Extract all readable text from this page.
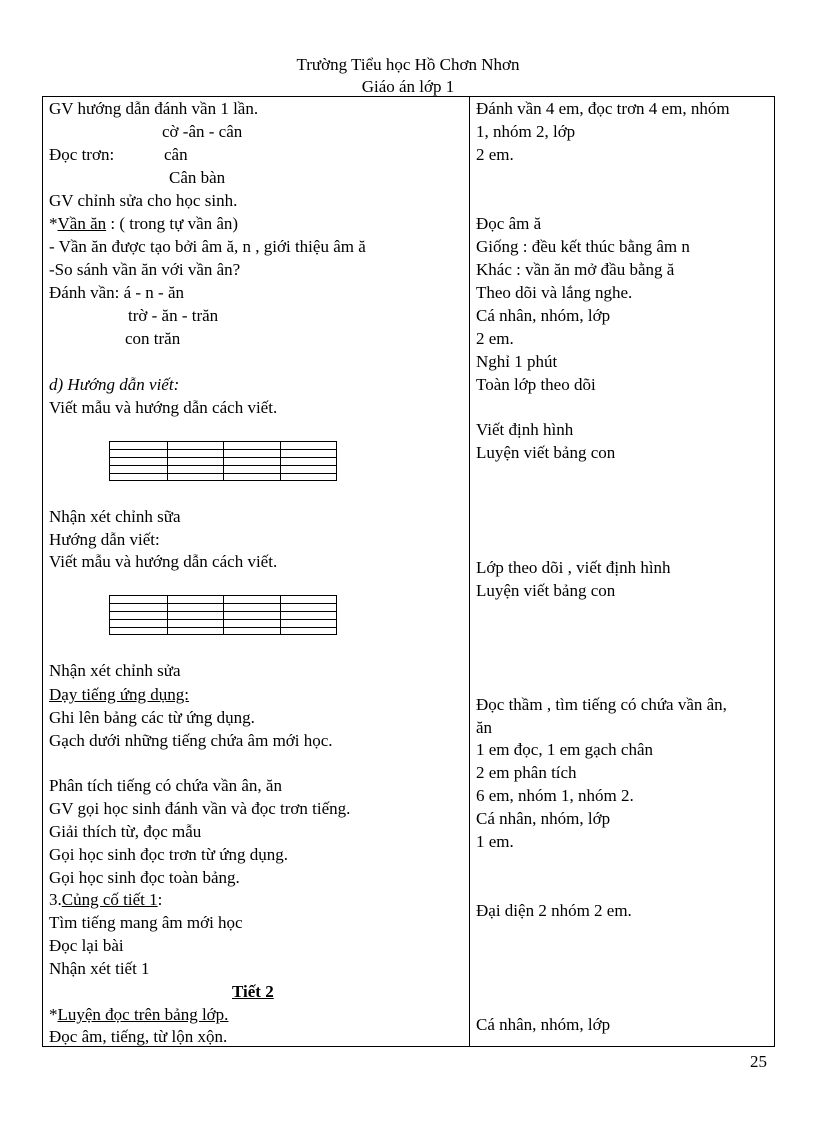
Trường Tiểu học Hồ Chơn Nhơn
Giáo án lớp 1
GV hướng dẫn đánh vần 1 lần.
cờ -ân - cân
Đọc trơn:	cân
Cân bàn
GV chỉnh sửa cho học sinh.
*Vần ăn : ( trong tự vần ân)
- Vần ăn được tạo bởi âm ă, n , giới thiệu âm ă
-So sánh vần ăn với vần ân?
Đánh vần: á - n - ăn
trờ - ăn - trăn
con trăn
d) Hướng dẫn viết:
Viết mẫu và hướng dẫn cách viết.
Nhận xét chỉnh sữa
Hướng dẫn viết:
Viết mẫu và hướng dẫn cách viết.
Nhận xét chỉnh sửa
Dạy tiếng ứng dụng:
Ghi lên bảng các từ ứng dụng.
Gạch dưới những tiếng chứa âm mới học.
Phân tích tiếng có chứa vần ân, ăn
GV gọi học sinh đánh vần và đọc trơn tiếng.
Giải thích từ, đọc mẫu
Gọi học sinh đọc trơn từ ứng dụng.
Gọi học sinh đọc toàn bảng.
3.Củng cố tiết 1:
Tìm tiếng mang âm mới học
Đọc lại bài
Nhận xét tiết 1
Tiết 2
*Luyện đọc trên bảng lớp.
Đọc âm, tiếng, từ lộn xộn.
Đánh vần 4 em, đọc trơn 4 em, nhóm
1, nhóm 2, lớp
2 em.
Đọc âm ă
Giống : đều kết thúc bằng âm n
Khác : vần ăn mở đầu bằng ă
Theo dõi và lắng nghe.
Cá nhân, nhóm, lớp
2 em.
Nghỉ 1 phút
Toàn lớp theo dõi
Viết định hình
Luyện viết bảng con
Lớp theo dõi , viết định hình
Luyện viết bảng con
Đọc thầm , tìm tiếng có chứa vần ân,
ăn
1 em đọc, 1 em gạch chân
2 em phân tích
6 em, nhóm 1, nhóm 2.
Cá nhân, nhóm, lớp
1 em.
Đại diện 2 nhóm 2 em.
Cá nhân, nhóm, lớp
25
